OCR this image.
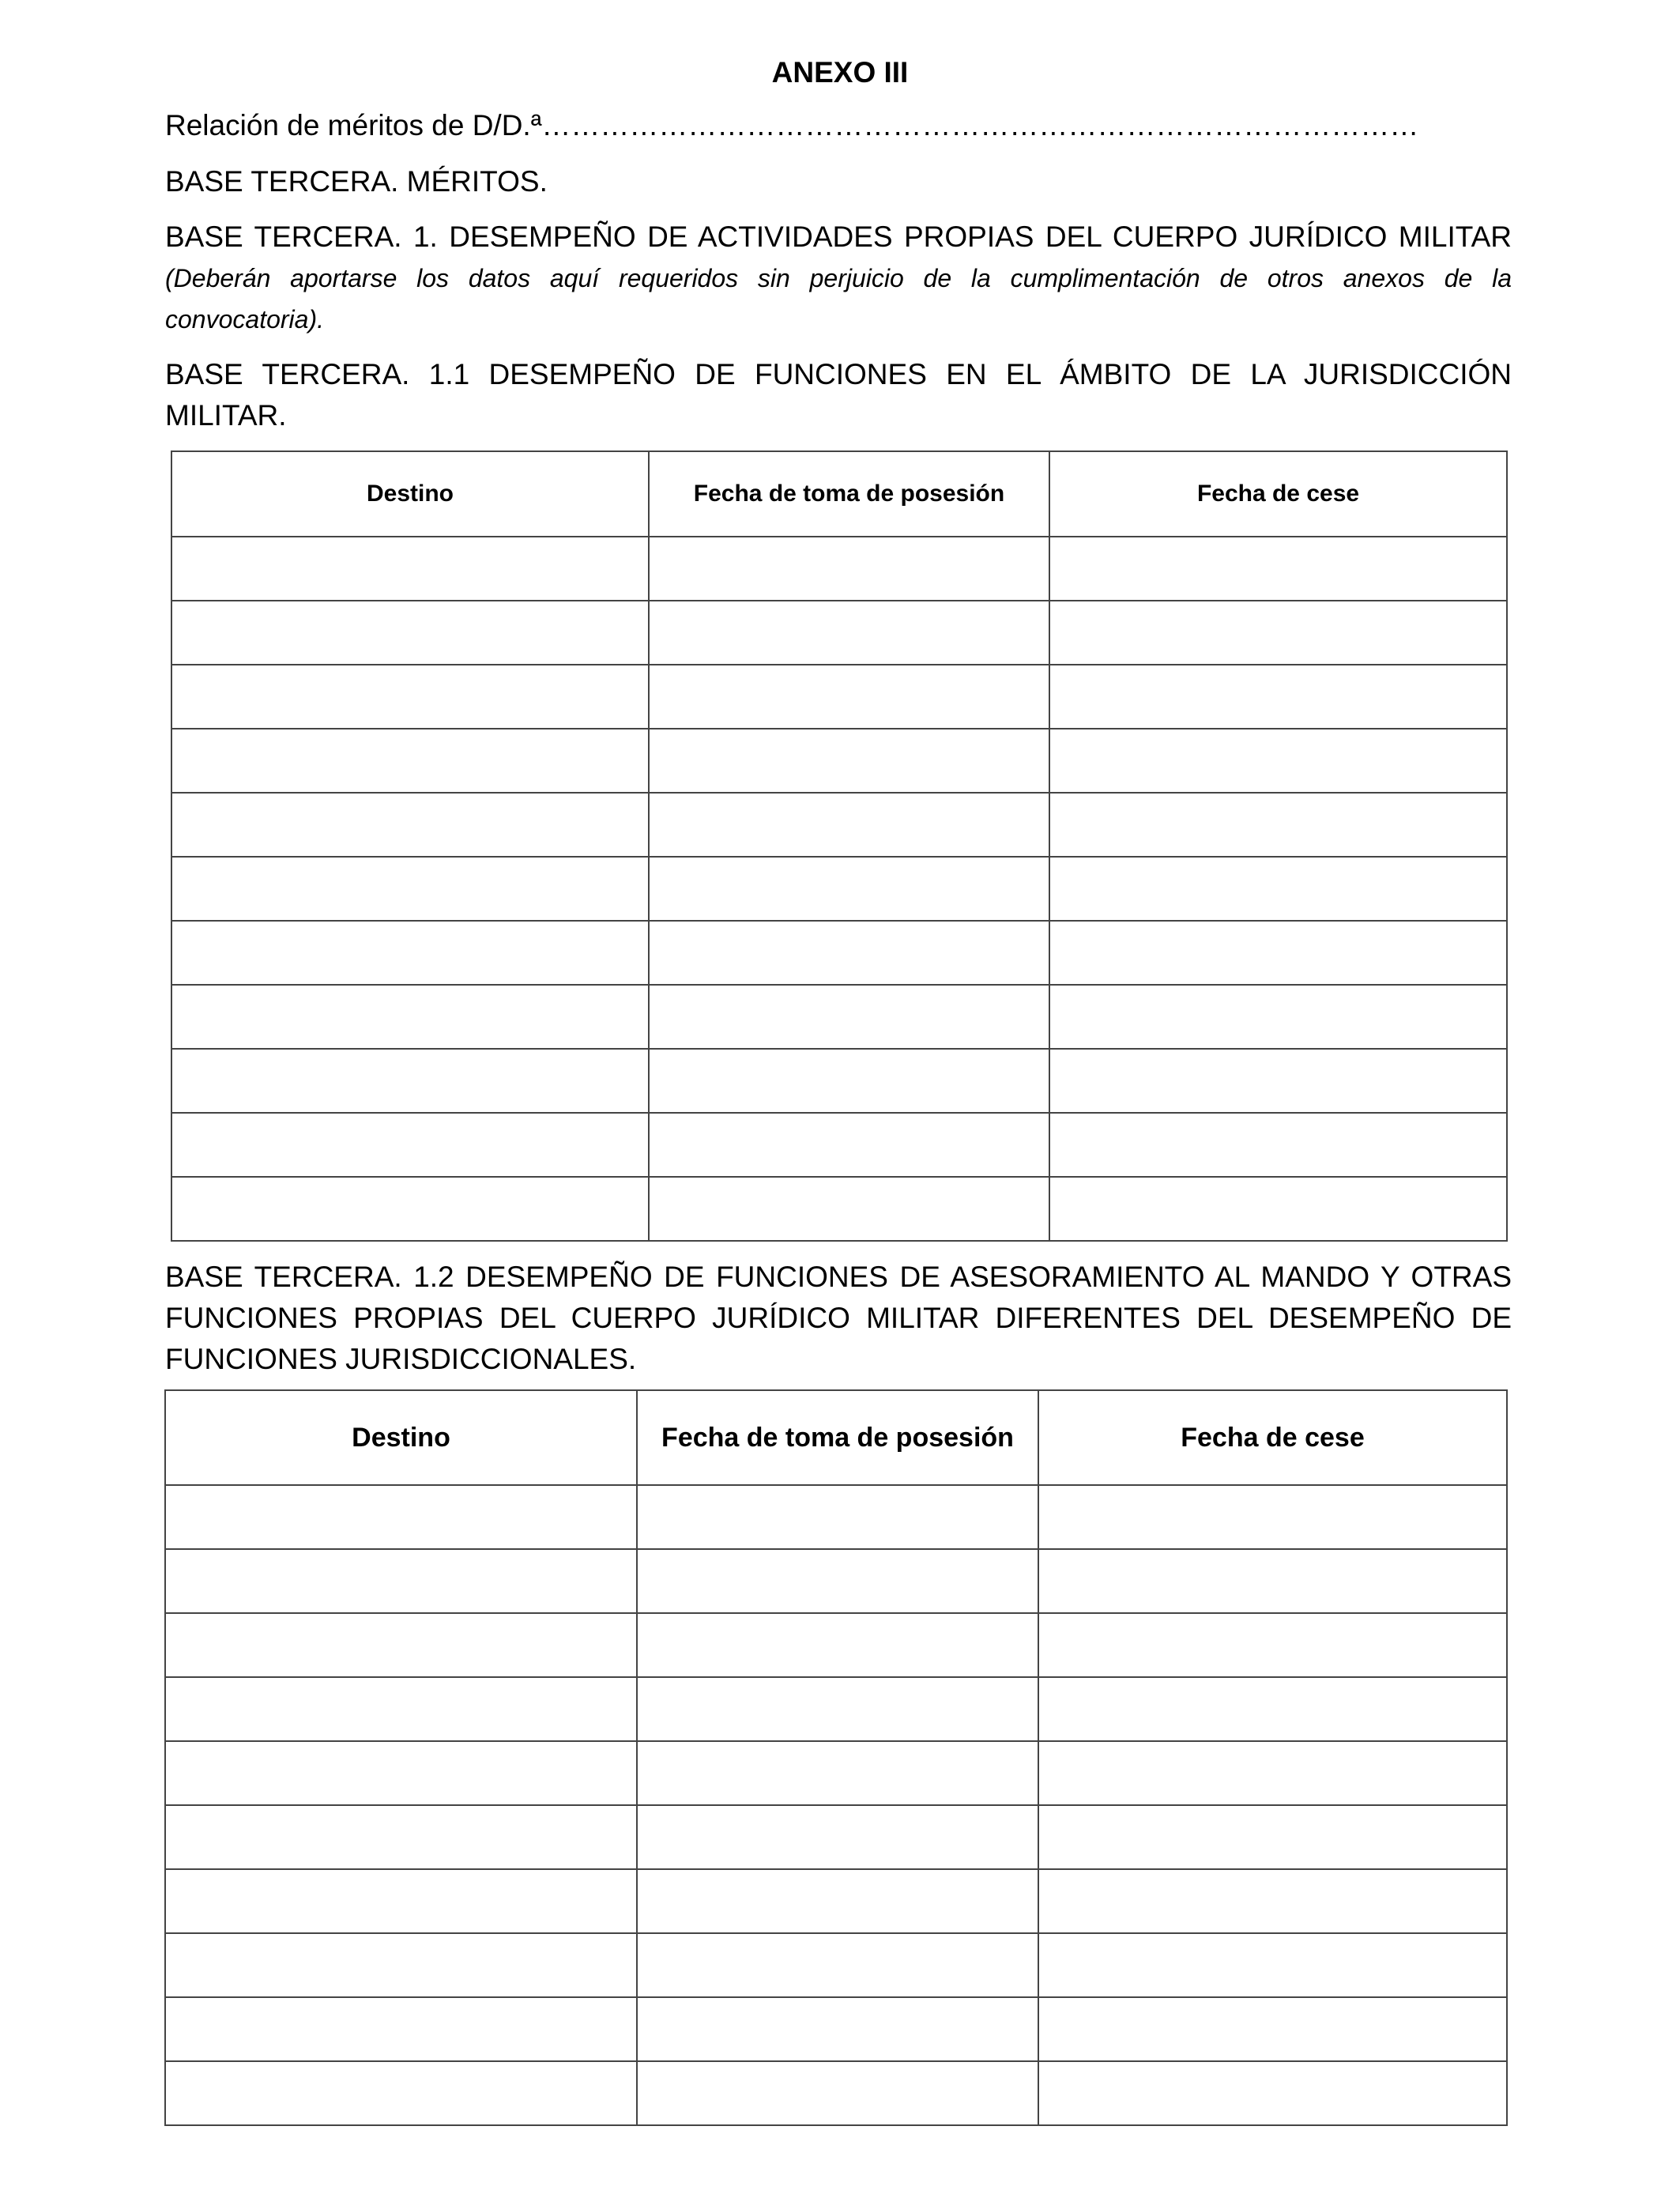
ANEXO III
Relación de méritos de D/D.ª………………………………………………………………………………
BASE TERCERA. MÉRITOS.
BASE TERCERA. 1. DESEMPEÑO DE ACTIVIDADES PROPIAS DEL CUERPO JURÍDICO MILITAR
(Deberán aportarse los datos aquí requeridos sin perjuicio de la cumplimentación de otros anexos de la
convocatoria).
BASE TERCERA. 1.1 DESEMPEÑO DE FUNCIONES EN EL ÁMBITO DE LA JURISDICCIÓN
MILITAR.
Destino	Fecha de toma de posesión	Fecha de cese

BASE TERCERA. 1.2 DESEMPEÑO DE FUNCIONES DE ASESORAMIENTO AL MANDO Y OTRAS
FUNCIONES PROPIAS DEL CUERPO JURÍDICO MILITAR DIFERENTES DEL DESEMPEÑO DE
FUNCIONES JURISDICCIONALES.
Destino	Fecha de toma de posesión	Fecha de cese
